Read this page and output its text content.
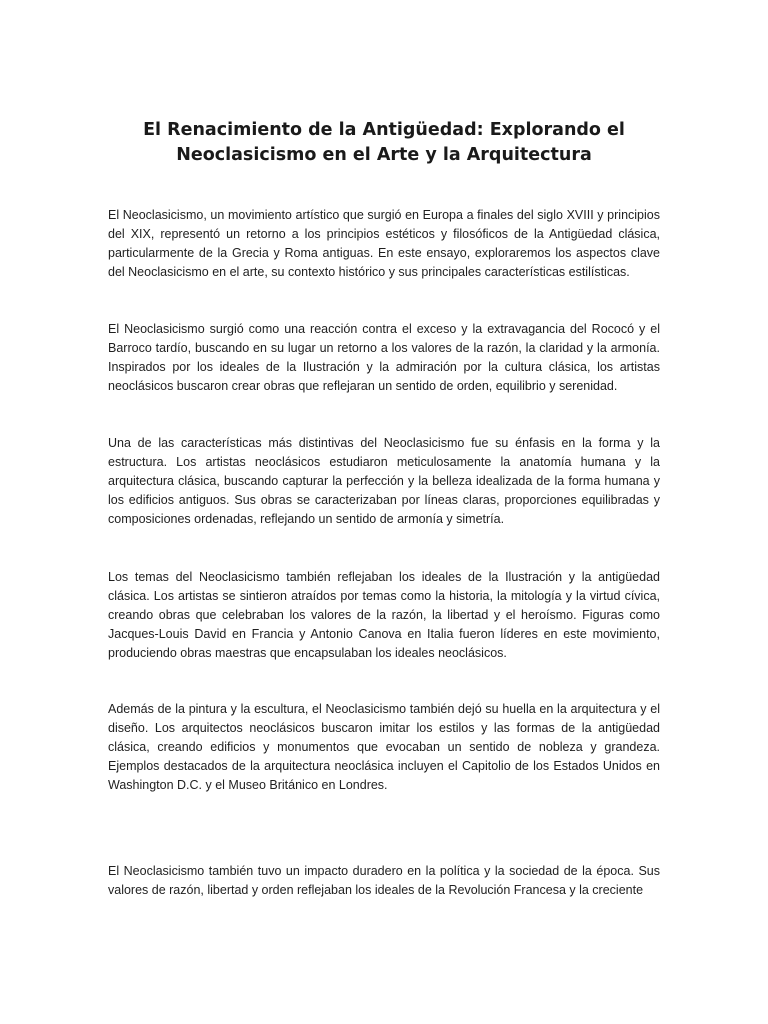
El Renacimiento de la Antigüedad: Explorando el Neoclasicismo en el Arte y la Arquitectura

El Neoclasicismo, un movimiento artístico que surgió en Europa a finales del siglo XVIII y principios del XIX, representó un retorno a los principios estéticos y filosóficos de la Antigüedad clásica, particularmente de la Grecia y Roma antiguas. En este ensayo, exploraremos los aspectos clave del Neoclasicismo en el arte, su contexto histórico y sus principales características estilísticas.

El Neoclasicismo surgió como una reacción contra el exceso y la extravagancia del Rococó y el Barroco tardío, buscando en su lugar un retorno a los valores de la razón, la claridad y la armonía. Inspirados por los ideales de la Ilustración y la admiración por la cultura clásica, los artistas neoclásicos buscaron crear obras que reflejaran un sentido de orden, equilibrio y serenidad.

Una de las características más distintivas del Neoclasicismo fue su énfasis en la forma y la estructura. Los artistas neoclásicos estudiaron meticulosamente la anatomía humana y la arquitectura clásica, buscando capturar la perfección y la belleza idealizada de la forma humana y los edificios antiguos. Sus obras se caracterizaban por líneas claras, proporciones equilibradas y composiciones ordenadas, reflejando un sentido de armonía y simetría.

Los temas del Neoclasicismo también reflejaban los ideales de la Ilustración y la antigüedad clásica. Los artistas se sintieron atraídos por temas como la historia, la mitología y la virtud cívica, creando obras que celebraban los valores de la razón, la libertad y el heroísmo. Figuras como Jacques-Louis David en Francia y Antonio Canova en Italia fueron líderes en este movimiento, produciendo obras maestras que encapsulaban los ideales neoclásicos.

Además de la pintura y la escultura, el Neoclasicismo también dejó su huella en la arquitectura y el diseño. Los arquitectos neoclásicos buscaron imitar los estilos y las formas de la antigüedad clásica, creando edificios y monumentos que evocaban un sentido de nobleza y grandeza. Ejemplos destacados de la arquitectura neoclásica incluyen el Capitolio de los Estados Unidos en Washington D.C. y el Museo Británico en Londres.

El Neoclasicismo también tuvo un impacto duradero en la política y la sociedad de la época. Sus valores de razón, libertad y orden reflejaban los ideales de la Revolución Francesa y la creciente
